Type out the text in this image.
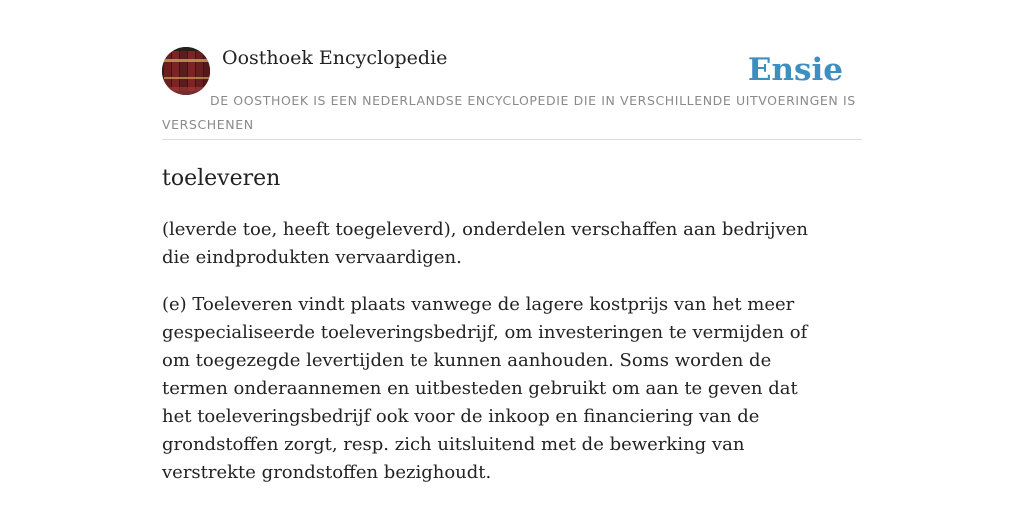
Oosthoek Encyclopedie	Ensie
DE OOSTHOEK IS EEN NEDERLANDSE ENCYCLOPEDIE DIE IN VERSCHILLENDE UITVOERINGEN IS VERSCHENEN
toeleveren

(leverde toe, heeft toegeleverd), onderdelen verschaffen aan bedrijven die eindprodukten vervaardigen.

(e) Toeleveren vindt plaats vanwege de lagere kostprijs van het meer gespecialiseerde toeleveringsbedrijf, om investeringen te vermijden of om toegezegde levertijden te kunnen aanhouden. Soms worden de termen onderaannemen en uitbesteden gebruikt om aan te geven dat het toeleveringsbedrijf ook voor de inkoop en financiering van de grondstoffen zorgt, resp. zich uitsluitend met de bewerking van verstrekte grondstoffen bezighoudt.
